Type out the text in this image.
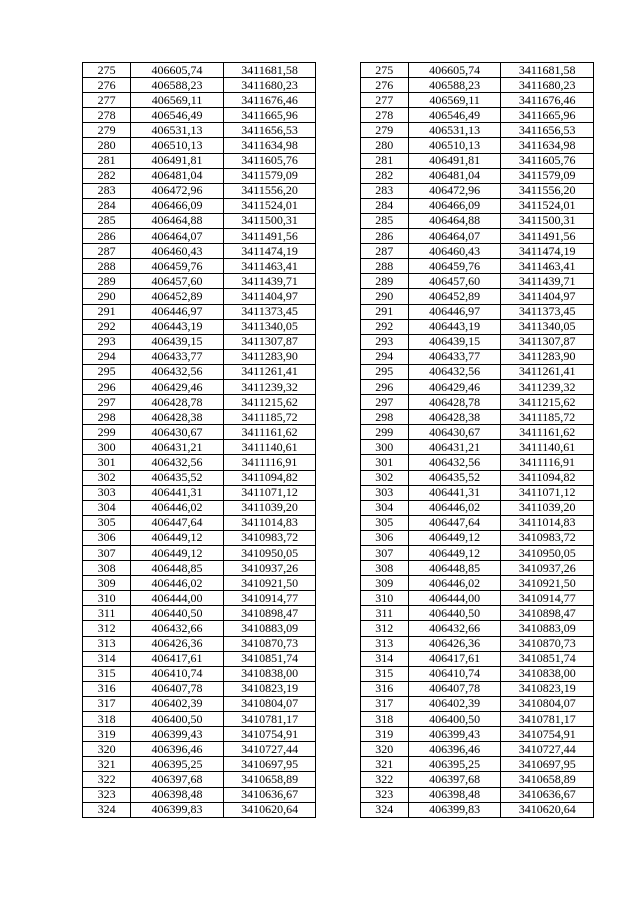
275	406605,74	3411681,58		275	406605,74	3411681,58
276	406588,23	3411680,23		276	406588,23	3411680,23
277	406569,11	3411676,46		277	406569,11	3411676,46
278	406546,49	3411665,96		278	406546,49	3411665,96
279	406531,13	3411656,53		279	406531,13	3411656,53
280	406510,13	3411634,98		280	406510,13	3411634,98
281	406491,81	3411605,76		281	406491,81	3411605,76
282	406481,04	3411579,09		282	406481,04	3411579,09
283	406472,96	3411556,20		283	406472,96	3411556,20
284	406466,09	3411524,01		284	406466,09	3411524,01
285	406464,88	3411500,31		285	406464,88	3411500,31
286	406464,07	3411491,56		286	406464,07	3411491,56
287	406460,43	3411474,19		287	406460,43	3411474,19
288	406459,76	3411463,41		288	406459,76	3411463,41
289	406457,60	3411439,71		289	406457,60	3411439,71
290	406452,89	3411404,97		290	406452,89	3411404,97
291	406446,97	3411373,45		291	406446,97	3411373,45
292	406443,19	3411340,05		292	406443,19	3411340,05
293	406439,15	3411307,87		293	406439,15	3411307,87
294	406433,77	3411283,90		294	406433,77	3411283,90
295	406432,56	3411261,41		295	406432,56	3411261,41
296	406429,46	3411239,32		296	406429,46	3411239,32
297	406428,78	3411215,62		297	406428,78	3411215,62
298	406428,38	3411185,72		298	406428,38	3411185,72
299	406430,67	3411161,62		299	406430,67	3411161,62
300	406431,21	3411140,61		300	406431,21	3411140,61
301	406432,56	3411116,91		301	406432,56	3411116,91
302	406435,52	3411094,82		302	406435,52	3411094,82
303	406441,31	3411071,12		303	406441,31	3411071,12
304	406446,02	3411039,20		304	406446,02	3411039,20
305	406447,64	3411014,83		305	406447,64	3411014,83
306	406449,12	3410983,72		306	406449,12	3410983,72
307	406449,12	3410950,05		307	406449,12	3410950,05
308	406448,85	3410937,26		308	406448,85	3410937,26
309	406446,02	3410921,50		309	406446,02	3410921,50
310	406444,00	3410914,77		310	406444,00	3410914,77
311	406440,50	3410898,47		311	406440,50	3410898,47
312	406432,66	3410883,09		312	406432,66	3410883,09
313	406426,36	3410870,73		313	406426,36	3410870,73
314	406417,61	3410851,74		314	406417,61	3410851,74
315	406410,74	3410838,00		315	406410,74	3410838,00
316	406407,78	3410823,19		316	406407,78	3410823,19
317	406402,39	3410804,07		317	406402,39	3410804,07
318	406400,50	3410781,17		318	406400,50	3410781,17
319	406399,43	3410754,91		319	406399,43	3410754,91
320	406396,46	3410727,44		320	406396,46	3410727,44
321	406395,25	3410697,95		321	406395,25	3410697,95
322	406397,68	3410658,89		322	406397,68	3410658,89
323	406398,48	3410636,67		323	406398,48	3410636,67
324	406399,83	3410620,64		324	406399,83	3410620,64
